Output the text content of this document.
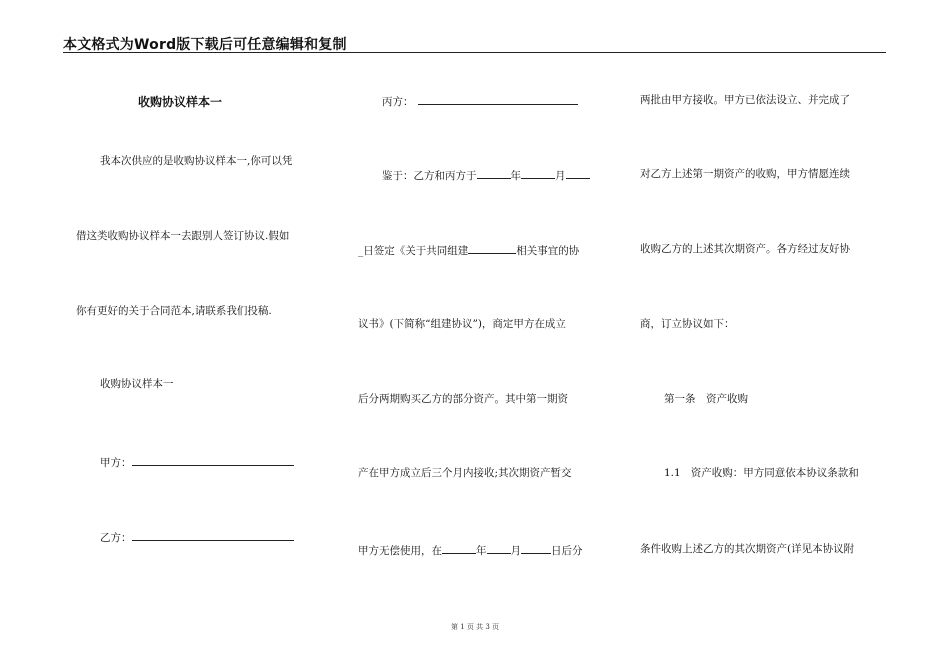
本文格式为Word版下载后可任意编辑和复制
收购协议样本一
我本次供应的是收购协议样本一,你可以凭
借这类收购协议样本一去跟别人签订协议.假如
你有更好的关于合同范本,请联系我们投稿.
收购协议样本一
甲方：
乙方：
丙方：
鉴于：乙方和丙方于	年	月
_日签定《关于共同组建	相关事宜的协
议书》(下简称“组建协议”)，商定甲方在成立
后分两期购买乙方的部分资产。其中第一期资
产在甲方成立后三个月内接收;其次期资产暂交
甲方无偿使用，在	年 月	日后分
两批由甲方接收。甲方已依法设立、并完成了
对乙方上述第一期资产的收购，甲方情愿连续
收购乙方的上述其次期资产。各方经过友好协
商，订立协议如下：
第一条　资产收购
1.1 资产收购：甲方同意依本协议条款和
条件收购上述乙方的其次期资产(详见本协议附
第 1 页 共 3 页
